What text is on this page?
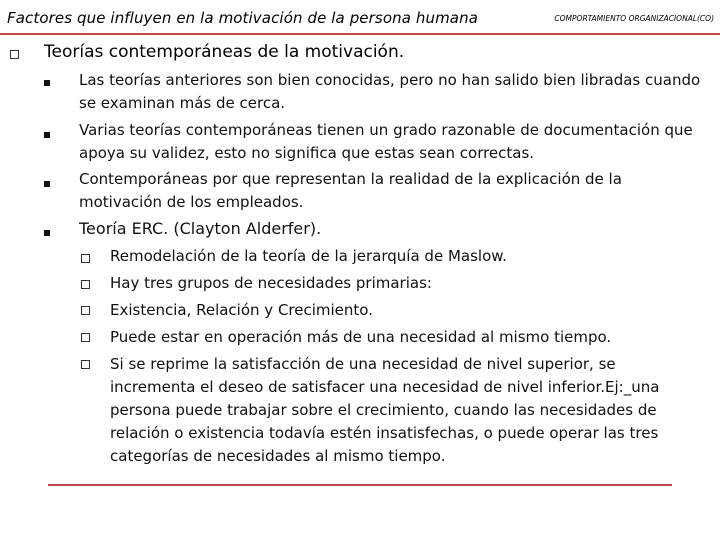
Factores que influyen en la motivación de la persona humana	COMPORTAMIENTO ORGANIZACIONAL(CO)
Teorías contemporáneas de la motivación.
Las teorías anteriores son bien conocidas, pero no han salido bien libradas cuando se examinan más de cerca.
Varias teorías contemporáneas tienen un grado razonable de documentación que apoya su validez, esto no significa que estas sean correctas.
Contemporáneas por que representan la realidad de la explicación de la motivación de los empleados.
Teoría ERC. (Clayton Alderfer).
Remodelación de la teoría de la jerarquía de Maslow.
Hay tres grupos de necesidades primarias:
Existencia, Relación y Crecimiento.
Puede estar en operación más de una necesidad al mismo tiempo.
Si se reprime la satisfacción de una necesidad de nivel superior, se incrementa el deseo de satisfacer una necesidad de nivel inferior.Ej:_una persona puede trabajar sobre el crecimiento, cuando las necesidades de relación o existencia todavía estén insatisfechas, o puede operar las tres categorías de necesidades al mismo tiempo.
